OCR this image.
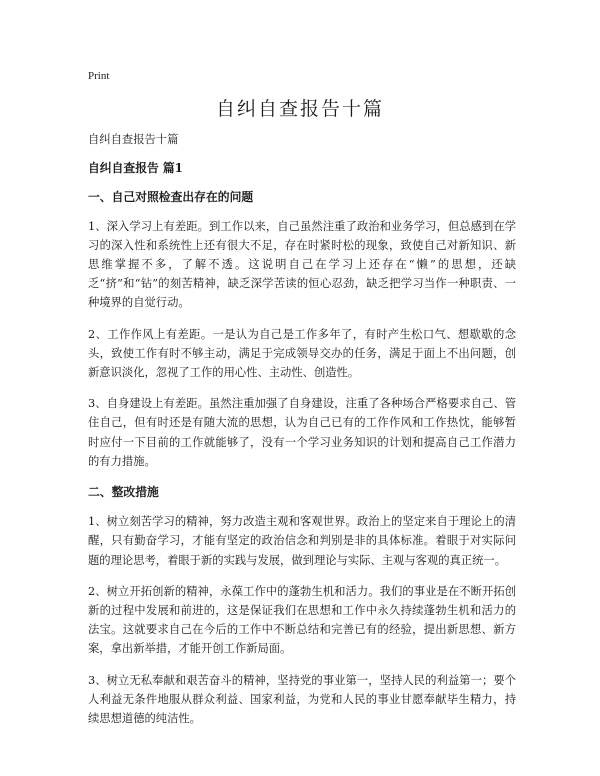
Print
自纠自查报告十篇

自纠自查报告十篇

自纠自查报告 篇1

一、自己对照检查出存在的问题

1、深入学习上有差距。到工作以来，自己虽然注重了政治和业务学习，但总感到在学习的深入性和系统性上还有很大不足，存在时紧时松的现象，致使自己对新知识、新思维掌握不多，了解不透。这说明自己在学习上还存在“懒”的思想，还缺乏“挤”和“钻”的刻苦精神，缺乏深学苦读的恒心忍劲，缺乏把学习当作一种职责、一种境界的自觉行动。

2、工作作风上有差距。一是认为自己是工作多年了，有时产生松口气、想歇歇的念头，致使工作有时不够主动，满足于完成领导交办的任务，满足于面上不出问题，创新意识淡化，忽视了工作的用心性、主动性、创造性。

3、自身建设上有差距。虽然注重加强了自身建设，注重了各种场合严格要求自己、管住自己，但有时还是有随大流的思想，认为自己已有的工作作风和工作热忱，能够暂时应付一下目前的工作就能够了，没有一个学习业务知识的计划和提高自己工作潜力的有力措施。

二、整改措施

1、树立刻苦学习的精神，努力改造主观和客观世界。政治上的坚定来自于理论上的清醒，只有勤奋学习，才能有坚定的政治信念和判别是非的具体标准。着眼于对实际问题的理论思考，着眼于新的实践与发展，做到理论与实际、主观与客观的真正统一。

2、树立开拓创新的精神，永葆工作中的蓬勃生机和活力。我们的事业是在不断开拓创新的过程中发展和前进的，这是保证我们在思想和工作中永久持续蓬勃生机和活力的法宝。这就要求自己在今后的工作中不断总结和完善已有的经验，提出新思想、新方案，拿出新举措，才能开创工作新局面。

3、树立无私奉献和艰苦奋斗的精神，坚持党的事业第一，坚持人民的利益第一；要个人利益无条件地服从群众利益、国家利益，为党和人民的事业甘愿奉献毕生精力，持续思想道德的纯洁性。
